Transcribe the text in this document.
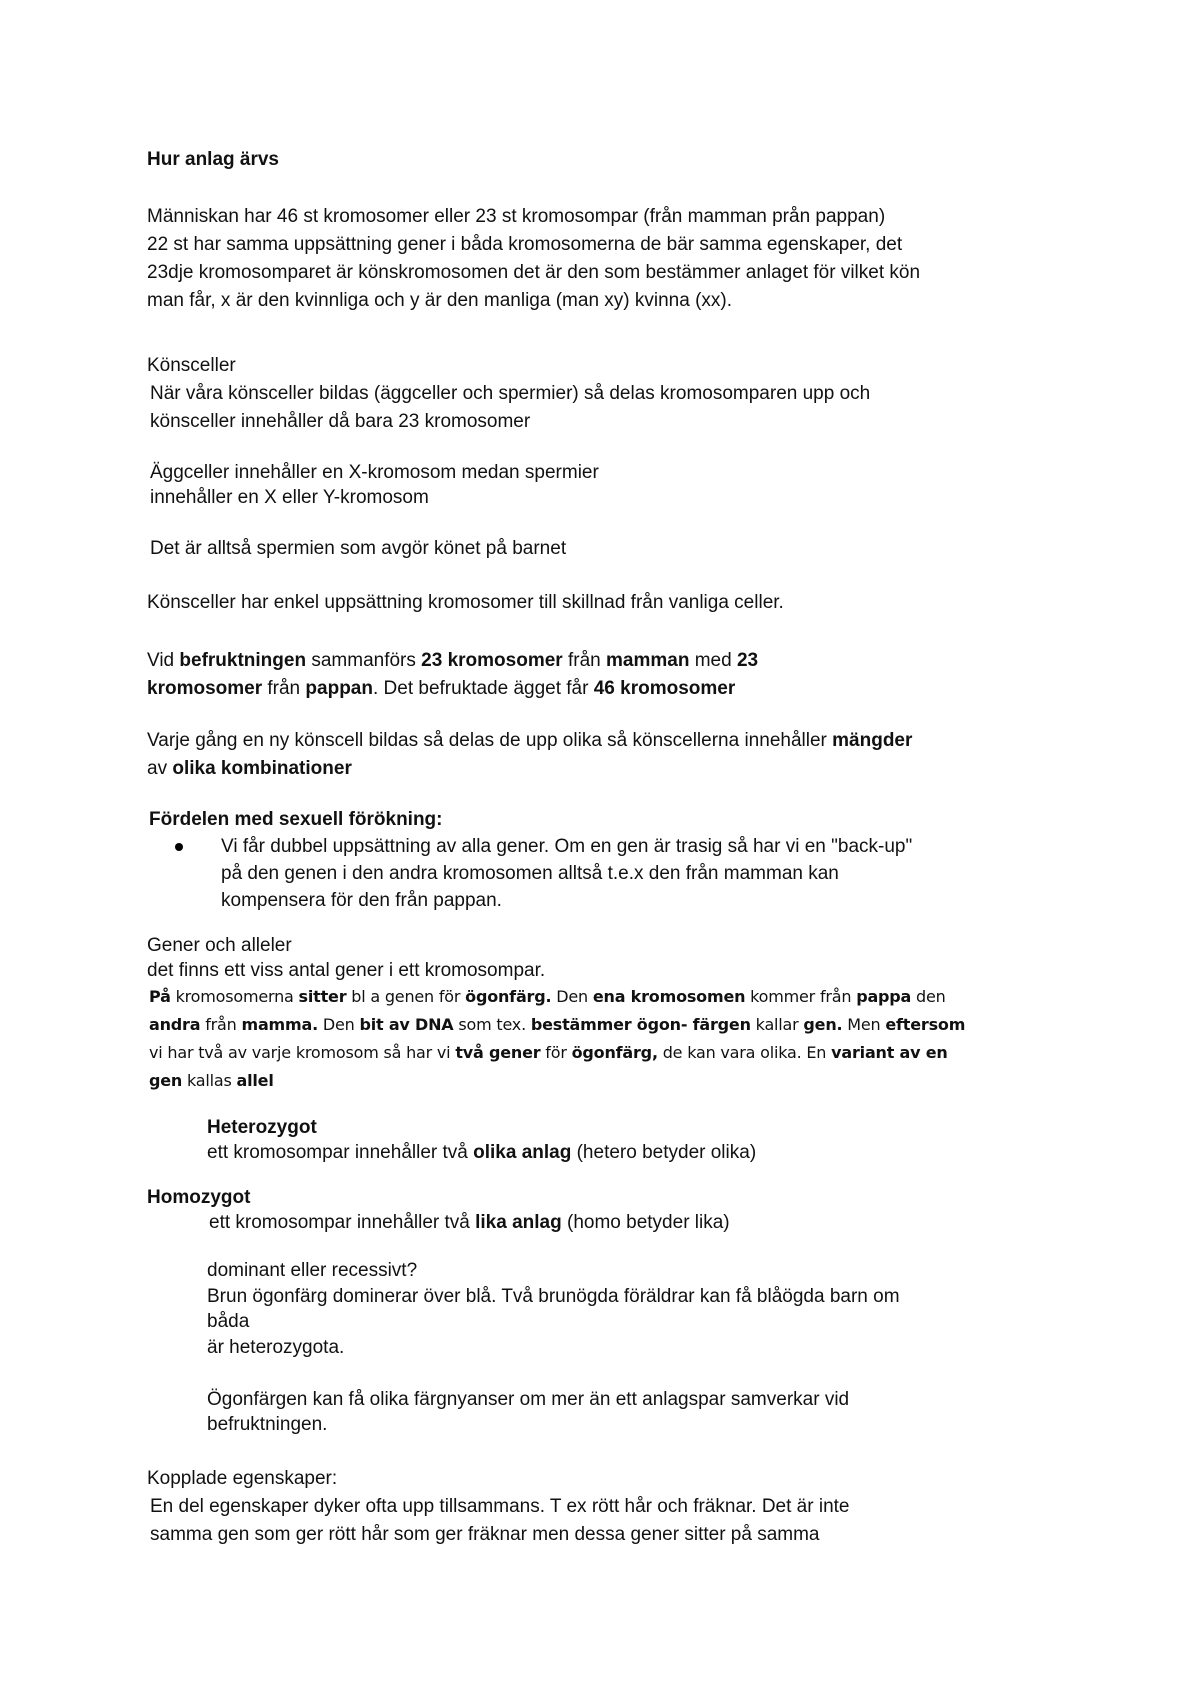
Hur anlag ärvs
Människan har 46 st kromosomer eller 23 st kromosompar (från mamman prån pappan)
22 st har samma uppsättning gener i båda kromosomerna de bär samma egenskaper, det
23dje kromosomparet är könskromosomen det är den som bestämmer anlaget för vilket kön
man får, x är den kvinnliga och y är den manliga (man xy) kvinna (xx).
Könsceller
När våra könsceller bildas (äggceller och spermier) så delas kromosomparen upp och
könsceller innehåller då bara 23 kromosomer
Äggceller innehåller en X-kromosom medan spermier
innehåller en X eller Y-kromosom
Det är alltså spermien som avgör könet på barnet
Könsceller har enkel uppsättning kromosomer till skillnad från vanliga celler.
Vid befruktningen sammanförs 23 kromosomer från mamman med 23
kromosomer från pappan. Det befruktade ägget får 46 kromosomer
Varje gång en ny könscell bildas så delas de upp olika så könscellerna innehåller mängder
av olika kombinationer
Fördelen med sexuell förökning:
Vi får dubbel uppsättning av alla gener. Om en gen är trasig så har vi en "back-up"
på den genen i den andra kromosomen alltså t.e.x den från mamman kan
kompensera för den från pappan.
Gener och alleler
det finns ett viss antal gener i ett kromosompar.
På kromosomerna sitter bl a genen för ögonfärg. Den ena kromosomen kommer från pappa den
andra från mamma. Den bit av DNA som tex. bestämmer ögon- färgen kallar gen. Men eftersom
vi har två av varje kromosom så har vi två gener för ögonfärg, de kan vara olika. En variant av en
gen kallas allel
Heterozygot
ett kromosompar innehåller två olika anlag (hetero betyder olika)
Homozygot
ett kromosompar innehåller två lika anlag (homo betyder lika)
dominant eller recessivt?
Brun ögonfärg dominerar över blå. Två brunögda föräldrar kan få blåögda barn om
båda
är heterozygota.
Ögonfärgen kan få olika färgnyanser om mer än ett anlagspar samverkar vid
befruktningen.
Kopplade egenskaper:
En del egenskaper dyker ofta upp tillsammans. T ex rött hår och fräknar. Det är inte
samma gen som ger rött hår som ger fräknar men dessa gener sitter på samma
